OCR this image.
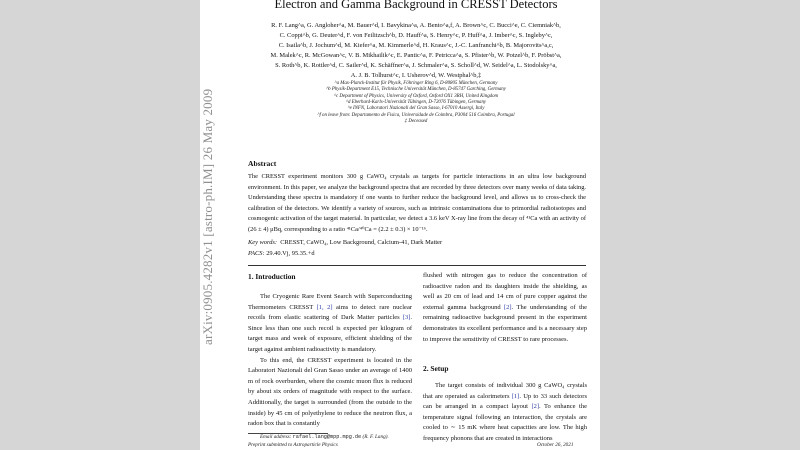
arXiv:0905.4282v1 [astro-ph.IM] 26 May 2009
Electron and Gamma Background in CRESST Detectors
R. F. Lang^a, G. Angloher^a, M. Bauer^d, I. Bavykina^a, A. Bento^a,f, A. Brown^c, C. Bucci^e, C. Ciemniak^b,
C. Coppi^b, G. Deuter^d, F. von Feilitzsch^b, D. Hauff^a, S. Henry^c, P. Huff^a, J. Imber^c, S. Ingleby^c,
C. Isaila^b, J. Jochum^d, M. Kiefer^a, M. Kimmerle^d, H. Kraus^c, J.-C. Lanfranchi^b, B. Majorovits^a,c,
M. Malek^c, R. McGowan^c, V. B. Mikhailik^c, E. Pantic^a, F. Petricca^a, S. Pfister^b, W. Potzel^b, F. Pröbst^a,
S. Roth^b, K. Rottler^d, C. Sailer^d, K. Schäffner^a, J. Schmaler^a, S. Scholl^d, W. Seidel^a, L. Stodolsky^a,
A. J. B. Tolhurst^c, I. Usherov^d, W. Westphal^b,‡
^a Max-Planck-Institut für Physik, Föhringer Ring 6, D-80805 München, Germany
^b Physik-Department E15, Technische Universität München, D-85747 Garching, Germany
^c Department of Physics, University of Oxford, Oxford OX1 3RH, United Kingdom
^d Eberhard-Karls-Universität Tübingen, D-72076 Tübingen, Germany
^e INFN, Laboratori Nazionali del Gran Sasso, I-67010 Assergi, Italy
^f on leave from: Departamento de Fisica, Universidade de Coimbra, P3004 516 Coimbra, Portugal
‡ Deceased
Abstract
The CRESST experiment monitors 300 g CaWO₄ crystals as targets for particle interactions in an ultra low background environment. In this paper, we analyze the background spectra that are recorded by three detectors over many weeks of data taking. Understanding these spectra is mandatory if one wants to further reduce the background level, and allows us to cross-check the calibration of the detectors. We identify a variety of sources, such as intrinsic contaminations due to primordial radioisotopes and cosmogenic activation of the target material. In particular, we detect a 3.6 keV X-ray line from the decay of ⁴¹Ca with an activity of (26 ± 4) μBq, corresponding to a ratio ⁴¹Ca/⁴⁰Ca = (2.2 ± 0.3) × 10⁻¹⁶.
Key words: CRESST, CaWO₄, Low Background, Calcium-41, Dark Matter
PACS: 29.40.Vj, 95.35.+d
1. Introduction

The Cryogenic Rare Event Search with Superconducting Thermometers CRESST [1, 2] aims to detect rare nuclear recoils from elastic scattering of Dark Matter particles [3]. Since less than one such recoil is expected per kilogram of target mass and week of exposure, efficient shielding of the target against ambient radioactivity is mandatory.

To this end, the CRESST experiment is located in the Laboratori Nazionali del Gran Sasso under an average of 1400 m of rock overburden, where the cosmic muon flux is reduced by about six orders of magnitude with respect to the surface. Additionally, the target is surrounded (from the outside to the inside) by 45 cm of polyethylene to reduce the neutron flux, a radon box that is constantly

flushed with nitrogen gas to reduce the concentration of radioactive radon and its daughters inside the shielding, as well as 20 cm of lead and 14 cm of pure copper against the external gamma background [2]. The understanding of the remaining radioactive background present in the experiment demonstrates its excellent performance and is a necessary step to improve the sensitivity of CRESST to rare processes.

2. Setup

The target consists of individual 300 g CaWO₄ crystals that are operated as calorimeters [1]. Up to 33 such detectors can be arranged in a compact layout [2]. To enhance the temperature signal following an interaction, the crystals are cooled to ∼ 15 mK where heat capacities are low. The high frequency phonons that are created in interactions

Email address: rafael.lang@mpp.mpg.de (R. F. Lang).
Preprint submitted to Astroparticle Physics	October 26, 2021
